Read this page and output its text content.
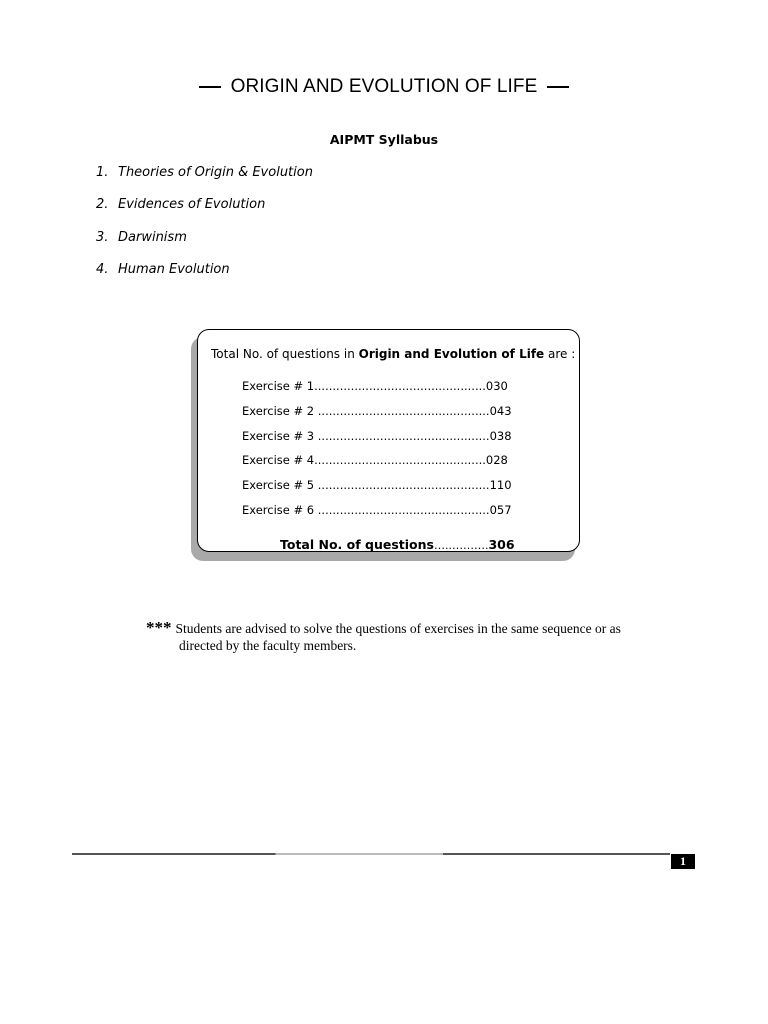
ORIGIN AND EVOLUTION OF LIFE
AIPMT Syllabus
1. Theories of Origin & Evolution
2. Evidences of Evolution
3. Darwinism
4. Human Evolution
Total No. of questions in Origin and Evolution of Life are :
Exercise # 1...............................................030
Exercise # 2 ...............................................043
Exercise # 3 ...............................................038
Exercise # 4...............................................028
Exercise # 5 ...............................................110
Exercise # 6 ...............................................057
Total No. of questions…..……….306
*** Students are advised to solve the questions of exercises in the same sequence or as
directed by the faculty members.
1
